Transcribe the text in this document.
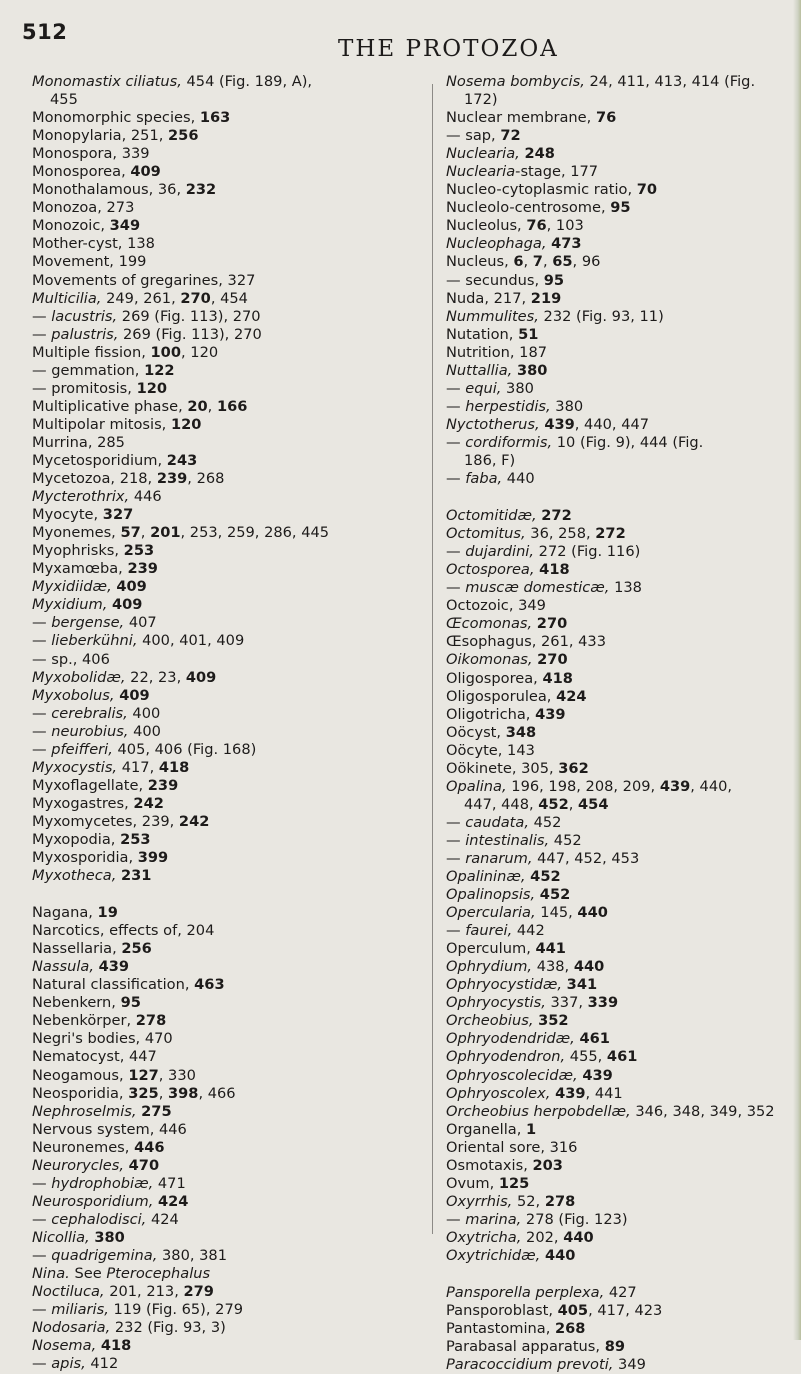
512
THE PROTOZOA
Monomastix ciliatus, 454 (Fig. 189, A),
455
Monomorphic species, 163
Monopylaria, 251, 256
Monospora, 339
Monosporea, 409
Monothalamous, 36, 232
Monozoa, 273
Monozoic, 349
Mother-cyst, 138
Movement, 199
Movements of gregarines, 327
Multicilia, 249, 261, 270, 454
— lacustris, 269 (Fig. 113), 270
— palustris, 269 (Fig. 113), 270
Multiple fission, 100, 120
— gemmation, 122
— promitosis, 120
Multiplicative phase, 20, 166
Multipolar mitosis, 120
Murrina, 285
Mycetosporidium, 243
Mycetozoa, 218, 239, 268
Mycterothrix, 446
Myocyte, 327
Myonemes, 57, 201, 253, 259, 286, 445
Myophrisks, 253
Myxamœba, 239
Myxidiidæ, 409
Myxidium, 409
— bergense, 407
— lieberkühni, 400, 401, 409
— sp., 406
Myxobolidæ, 22, 23, 409
Myxobolus, 409
— cerebralis, 400
— neurobius, 400
— pfeifferi, 405, 406 (Fig. 168)
Myxocystis, 417, 418
Myxoflagellate, 239
Myxogastres, 242
Myxomycetes, 239, 242
Myxopodia, 253
Myxosporidia, 399
Myxotheca, 231
Nagana, 19
Narcotics, effects of, 204
Nassellaria, 256
Nassula, 439
Natural classification, 463
Nebenkern, 95
Nebenkörper, 278
Negri's bodies, 470
Nematocyst, 447
Neogamous, 127, 330
Neosporidia, 325, 398, 466
Nephroselmis, 275
Nervous system, 446
Neuronemes, 446
Neurorycles, 470
— hydrophobiæ, 471
Neurosporidium, 424
— cephalodisci, 424
Nicollia, 380
— quadrigemina, 380, 381
Nina. See Pterocephalus
Noctiluca, 201, 213, 279
— miliaris, 119 (Fig. 65), 279
Nodosaria, 232 (Fig. 93, 3)
Nosema, 418
— apis, 412
Nosema bombycis, 24, 411, 413, 414 (Fig.
172)
Nuclear membrane, 76
— sap, 72
Nuclearia, 248
Nuclearia-stage, 177
Nucleo-cytoplasmic ratio, 70
Nucleolo-centrosome, 95
Nucleolus, 76, 103
Nucleophaga, 473
Nucleus, 6, 7, 65, 96
— secundus, 95
Nuda, 217, 219
Nummulites, 232 (Fig. 93, 11)
Nutation, 51
Nutrition, 187
Nuttallia, 380
— equi, 380
— herpestidis, 380
Nyctotherus, 439, 440, 447
— cordiformis, 10 (Fig. 9), 444 (Fig.
186, F)
— faba, 440
Octomitidæ, 272
Octomitus, 36, 258, 272
— dujardini, 272 (Fig. 116)
Octosporea, 418
— muscæ domesticæ, 138
Octozoic, 349
Œcomonas, 270
Œsophagus, 261, 433
Oikomonas, 270
Oligosporea, 418
Oligosporulea, 424
Oligotricha, 439
Oöcyst, 348
Oöcyte, 143
Oökinete, 305, 362
Opalina, 196, 198, 208, 209, 439, 440,
447, 448, 452, 454
— caudata, 452
— intestinalis, 452
— ranarum, 447, 452, 453
Opalininæ, 452
Opalinopsis, 452
Opercularia, 145, 440
— faurei, 442
Operculum, 441
Ophrydium, 438, 440
Ophryocystidæ, 341
Ophryocystis, 337, 339
Orcheobius, 352
Ophryodendridæ, 461
Ophryodendron, 455, 461
Ophryoscolecidæ, 439
Ophryoscolex, 439, 441
Orcheobius herpobdellæ, 346, 348, 349, 352
Organella, 1
Oriental sore, 316
Osmotaxis, 203
Ovum, 125
Oxyrrhis, 52, 278
— marina, 278 (Fig. 123)
Oxytricha, 202, 440
Oxytrichidæ, 440
Pansporella perplexa, 427
Pansporoblast, 405, 417, 423
Pantastomina, 268
Parabasal apparatus, 89
Paracoccidium prevoti, 349
